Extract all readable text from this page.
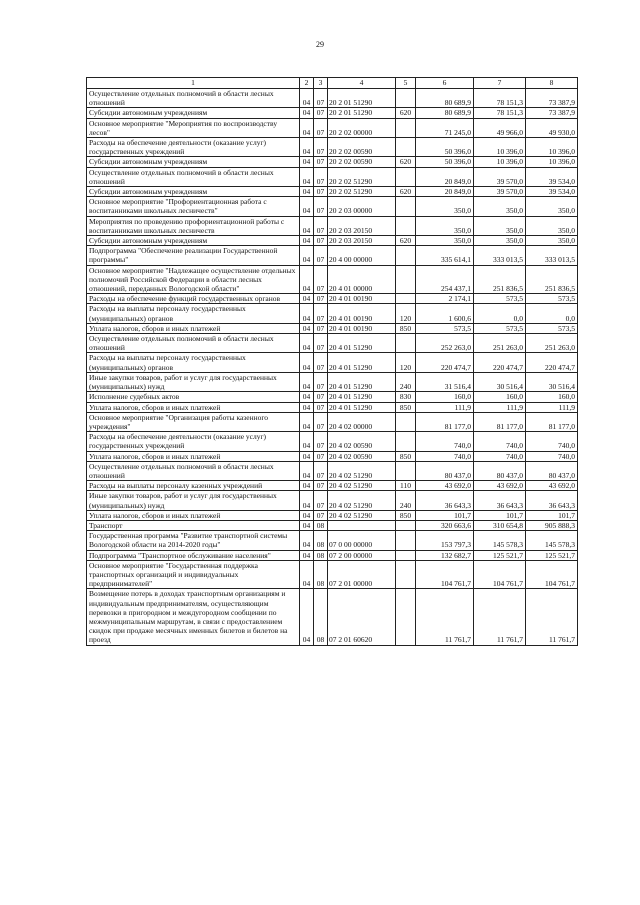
29
1	2	3	4	5	6	7	8
Осуществление отдельных полномочий в области лесных отношений	04	07	20 2 01 51290		80 689,9	78 151,3	73 387,9
Субсидии автономным учреждениям	04	07	20 2 01 51290	620	80 689,9	78 151,3	73 387,9
Основное мероприятие "Мероприятия по воспроизводству лесов"	04	07	20 2 02 00000		71 245,0	49 966,0	49 930,0
Расходы на обеспечение деятельности (оказание услуг) государственных учреждений	04	07	20 2 02 00590		50 396,0	10 396,0	10 396,0
Субсидии автономным учреждениям	04	07	20 2 02 00590	620	50 396,0	10 396,0	10 396,0
Осуществление отдельных полномочий в области лесных отношений	04	07	20 2 02 51290		20 849,0	39 570,0	39 534,0
Субсидии автономным учреждениям	04	07	20 2 02 51290	620	20 849,0	39 570,0	39 534,0
Основное мероприятие "Профориентационная работа с воспитанниками школьных лесничеств"	04	07	20 2 03 00000		350,0	350,0	350,0
Мероприятия по проведению профориентационной работы с воспитанниками школьных лесничеств	04	07	20 2 03 20150		350,0	350,0	350,0
Субсидии автономным учреждениям	04	07	20 2 03 20150	620	350,0	350,0	350,0
Подпрограмма "Обеспечение реализации Государственной программы"	04	07	20 4 00 00000		335 614,1	333 013,5	333 013,5
Основное мероприятие "Надлежащее осуществление отдельных полномочий Российской Федерации в области лесных отношений, переданных Вологодской области"	04	07	20 4 01 00000		254 437,1	251 836,5	251 836,5
Расходы на обеспечение функций государственных органов	04	07	20 4 01 00190		2 174,1	573,5	573,5
Расходы на выплаты персоналу государственных (муниципальных) органов	04	07	20 4 01 00190	120	1 600,6	0,0	0,0
Уплата налогов, сборов и иных платежей	04	07	20 4 01 00190	850	573,5	573,5	573,5
Осуществление отдельных полномочий в области лесных отношений	04	07	20 4 01 51290		252 263,0	251 263,0	251 263,0
Расходы на выплаты персоналу государственных (муниципальных) органов	04	07	20 4 01 51290	120	220 474,7	220 474,7	220 474,7
Иные закупки товаров, работ и услуг для государственных (муниципальных) нужд	04	07	20 4 01 51290	240	31 516,4	30 516,4	30 516,4
Исполнение судебных актов	04	07	20 4 01 51290	830	160,0	160,0	160,0
Уплата налогов, сборов и иных платежей	04	07	20 4 01 51290	850	111,9	111,9	111,9
Основное мероприятие "Организация работы казенного учреждения"	04	07	20 4 02 00000		81 177,0	81 177,0	81 177,0
Расходы на обеспечение деятельности (оказание услуг) государственных учреждений	04	07	20 4 02 00590		740,0	740,0	740,0
Уплата налогов, сборов и иных платежей	04	07	20 4 02 00590	850	740,0	740,0	740,0
Осуществление отдельных полномочий в области лесных отношений	04	07	20 4 02 51290		80 437,0	80 437,0	80 437,0
Расходы на выплаты персоналу казенных учреждений	04	07	20 4 02 51290	110	43 692,0	43 692,0	43 692,0
Иные закупки товаров, работ и услуг для государственных (муниципальных) нужд	04	07	20 4 02 51290	240	36 643,3	36 643,3	36 643,3
Уплата налогов, сборов и иных платежей	04	07	20 4 02 51290	850	101,7	101,7	101,7
Транспорт	04	08			320 663,6	310 654,8	905 888,3
Государственная программа "Развитие транспортной системы Вологодской области на 2014-2020 годы"	04	08	07 0 00 00000		153 797,3	145 578,3	145 578,3
Подпрограмма "Транспортное обслуживание населения"	04	08	07 2 00 00000		132 682,7	125 521,7	125 521,7
Основное мероприятие "Государственная поддержка транспортных организаций и индивидуальных предпринимателей"	04	08	07 2 01 00000		104 761,7	104 761,7	104 761,7
Возмещение потерь в доходах транспортным организациям и индивидуальным предпринимателям, осуществляющим перевозки в пригородном и междугородном сообщении по межмуниципальным маршрутам, в связи с предоставлением скидок при продаже месячных именных билетов и билетов на проезд	04	08	07 2 01 60620		11 761,7	11 761,7	11 761,7
